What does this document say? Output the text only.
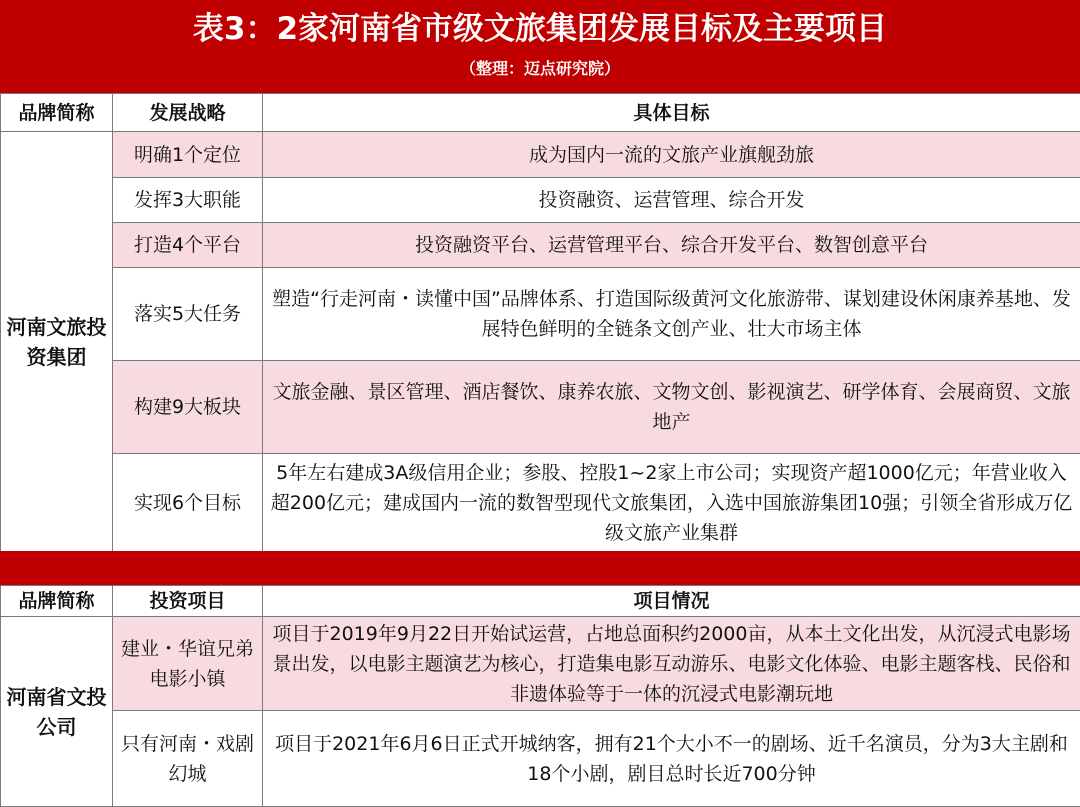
表3：2家河南省市级文旅集团发展目标及主要项目
（整理：迈点研究院）
品牌简称	发展战略	具体目标
河南文旅投资集团	明确1个定位	成为国内一流的文旅产业旗舰劲旅
	发挥3大职能	投资融资、运营管理、综合开发
	打造4个平台	投资融资平台、运营管理平台、综合开发平台、数智创意平台
	落实5大任务	塑造“行走河南・读懂中国”品牌体系、打造国际级黄河文化旅游带、谋划建设休闲康养基地、发展特色鲜明的全链条文创产业、壮大市场主体
	构建9大板块	文旅金融、景区管理、酒店餐饮、康养农旅、文物文创、影视演艺、研学体育、会展商贸、文旅地产
	实现6个目标	5年左右建成3A级信用企业；参股、控股1~2家上市公司；实现资产超1000亿元；年营业收入超200亿元；建成国内一流的数智型现代文旅集团，入选中国旅游集团10强；引领全省形成万亿级文旅产业集群
品牌简称	投资项目	项目情况
河南省文投公司	建业・华谊兄弟电影小镇	项目于2019年9月22日开始试运营，占地总面积约2000亩，从本土文化出发，从沉浸式电影场景出发，以电影主题演艺为核心，打造集电影互动游乐、电影文化体验、电影主题客栈、民俗和非遗体验等于一体的沉浸式电影潮玩地
	只有河南・戏剧幻城	项目于2021年6月6日正式开城纳客，拥有21个大小不一的剧场、近千名演员，分为3大主剧和18个小剧，剧目总时长近700分钟
